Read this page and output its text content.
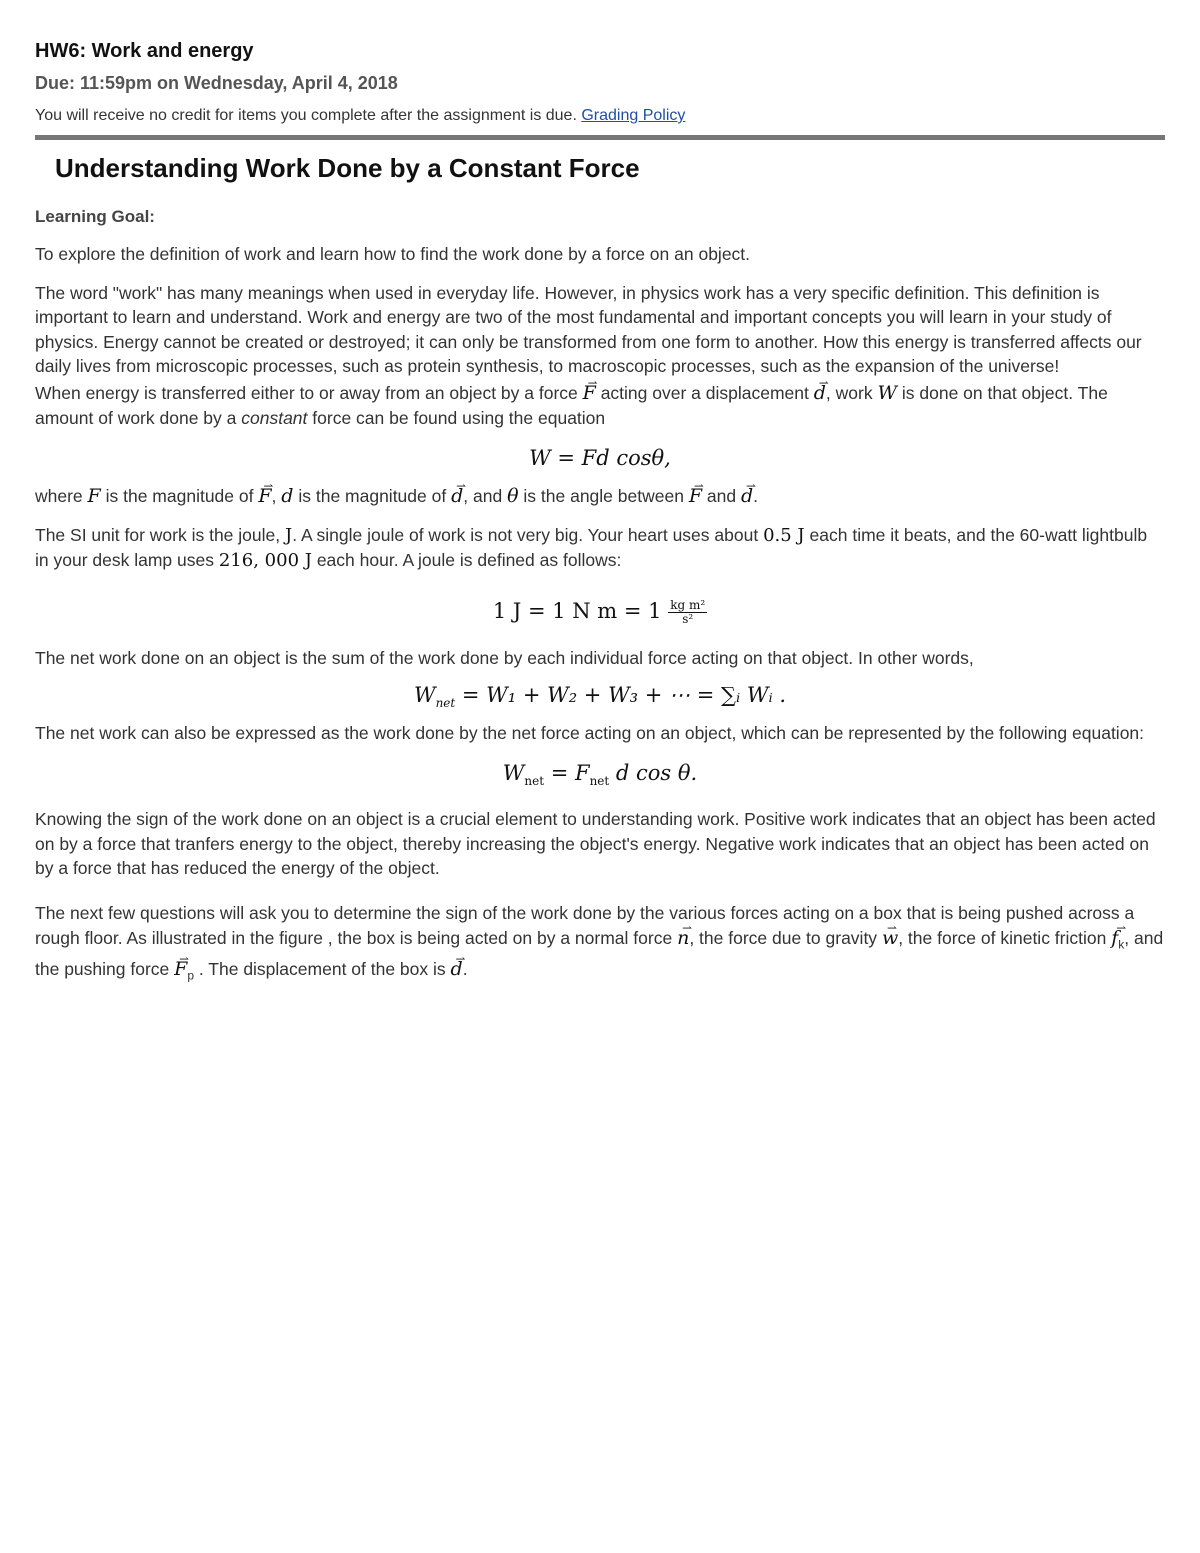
HW6: Work and energy
Due: 11:59pm on Wednesday, April 4, 2018
You will receive no credit for items you complete after the assignment is due. Grading Policy
Understanding Work Done by a Constant Force
Learning Goal:

To explore the definition of work and learn how to find the work done by a force on an object.

The word "work" has many meanings when used in everyday life. However, in physics work has a very specific definition. This definition is important to learn and understand. Work and energy are two of the most fundamental and important concepts you will learn in your study of physics. Energy cannot be created or destroyed; it can only be transformed from one form to another. How this energy is transferred affects our daily lives from microscopic processes, such as protein synthesis, to macroscopic processes, such as the expansion of the universe!

When energy is transferred either to or away from an object by a force F ⇀ acting over a displacement d ⇀, work W is done on that object. The amount of work done by a constant force can be found using the equation

W = Fd cosθ,

where F is the magnitude of F ⇀, d is the magnitude of d ⇀, and θ is the angle between F ⇀ and d ⇀.

The SI unit for work is the joule, J. A single joule of work is not very big. Your heart uses about 0.5 J each time it beats, and the 60-watt lightbulb in your desk lamp uses 216, 000 J each hour. A joule is defined as follows:

1 J = 1 N $m = 1 \frac{\text{kg m²}}{\text{s²}}$

The net work done on an object is the sum of the work done by each individual force acting on that object. In other words,

$W_{net} = W_1 + W_2 + W_3$ + ⋯ = ∑ᵢ Wᵢ .

The net work can also be expressed as the work done by the net force acting on an object, which can be represented by the following equation:

$W_{net} = F_{net}$ d cos θ.

Knowing the sign of the work done on an object is a crucial element to understanding work. Positive work indicates that an object has been acted on by a force that tranfers energy to the object, thereby increasing the object's energy. Negative work indicates that an object has been acted on by a force that has reduced the energy of the object.

The next few questions will ask you to determine the sign of the work done by the various forces acting on a box that is being pushed across a rough floor. As illustrated in the figure , the box is being acted on by a normal force n ⇀, the force due to gravity w ⇀, the force of kinetic friction f $⇀_k$, and the pushing force F $⇀_p$ . The displacement of the box is d ⇀.
